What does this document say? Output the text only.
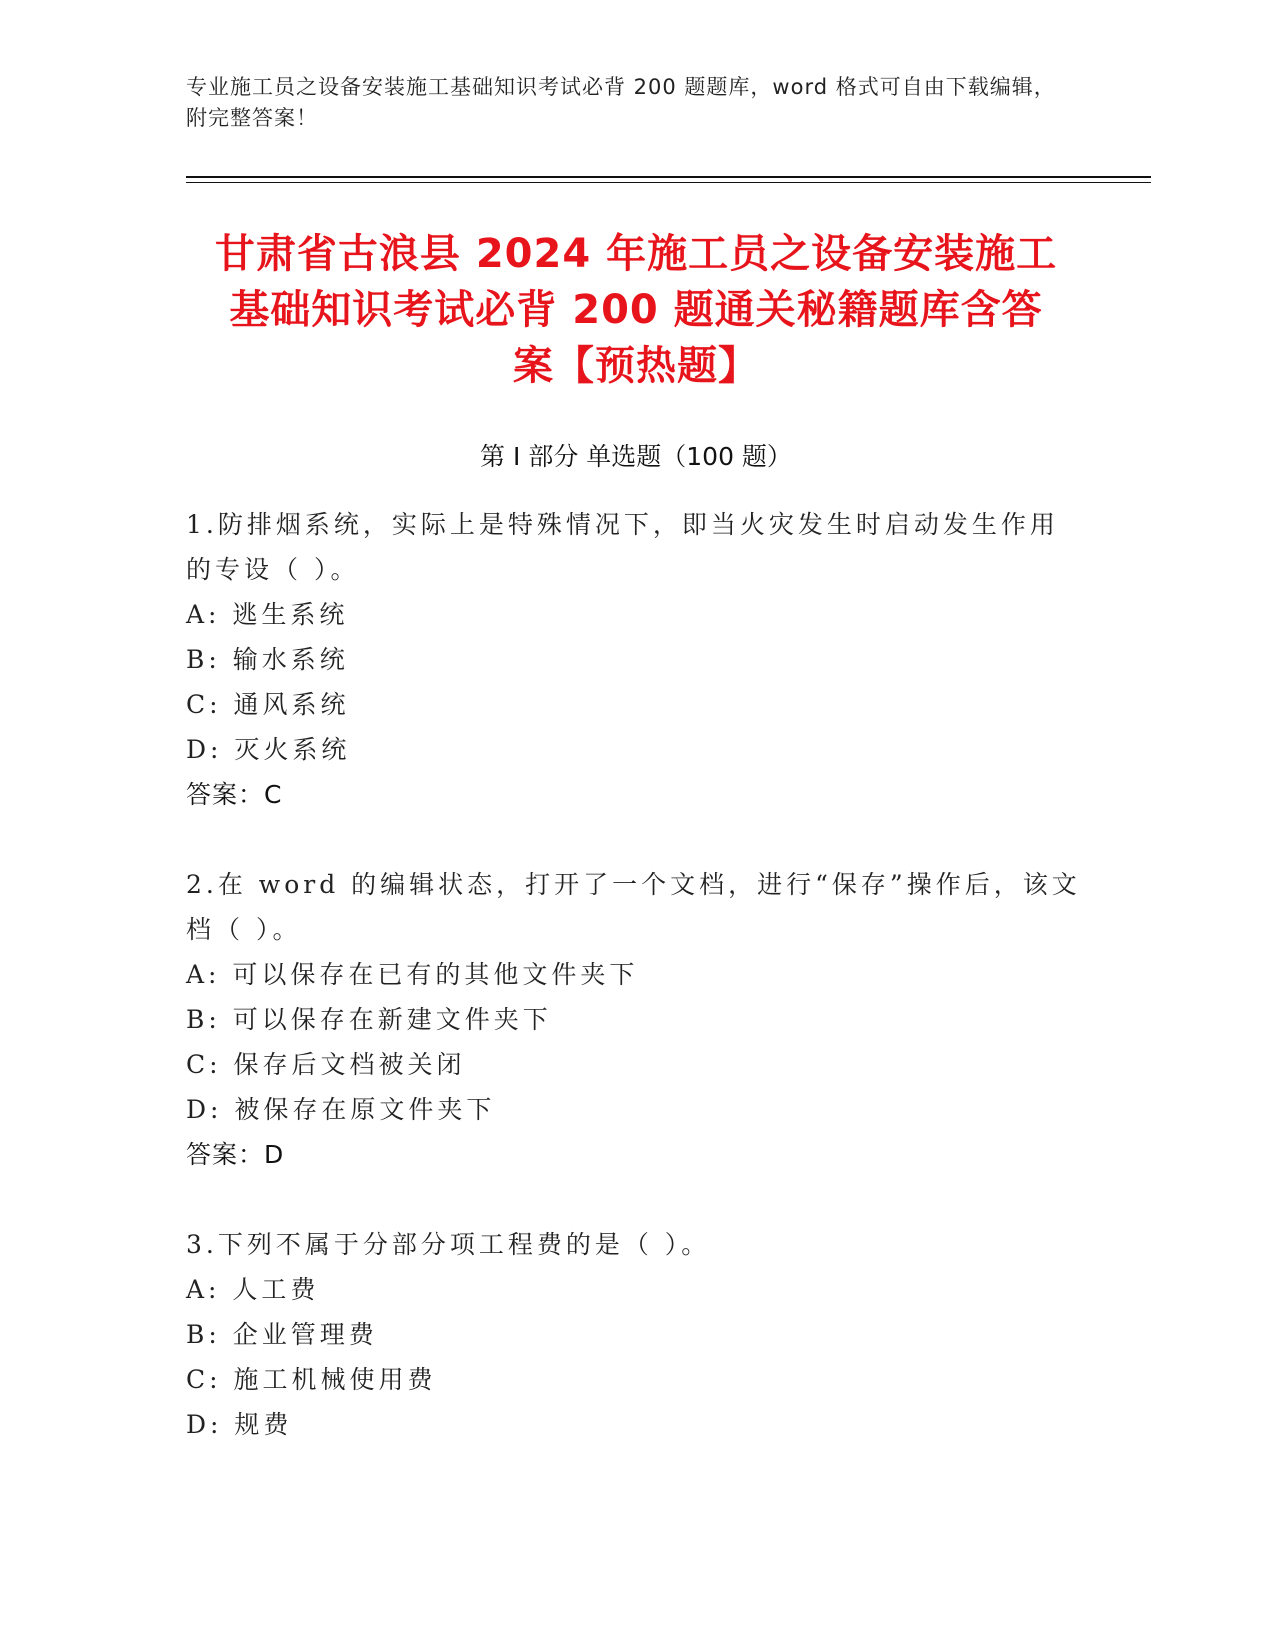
专业施工员之设备安装施工基础知识考试必背 200 题题库，word 格式可自由下载编辑，附完整答案！
甘肃省古浪县 2024 年施工员之设备安装施工
基础知识考试必背 200 题通关秘籍题库含答
案【预热题】
第 I 部分 单选题（100 题）

1.防排烟系统，实际上是特殊情况下，即当火灾发生时启动发生作用的专设（ ）。

A: 逃生系统

B: 输水系统

C: 通风系统

D: 灭火系统

答案：C

2.在 word 的编辑状态，打开了一个文档，进行“保存”操作后，该文档（ ）。

A: 可以保存在已有的其他文件夹下

B: 可以保存在新建文件夹下

C: 保存后文档被关闭

D: 被保存在原文件夹下

答案：D

3.下列不属于分部分项工程费的是（ ）。

A: 人工费

B: 企业管理费

C: 施工机械使用费

D: 规费
